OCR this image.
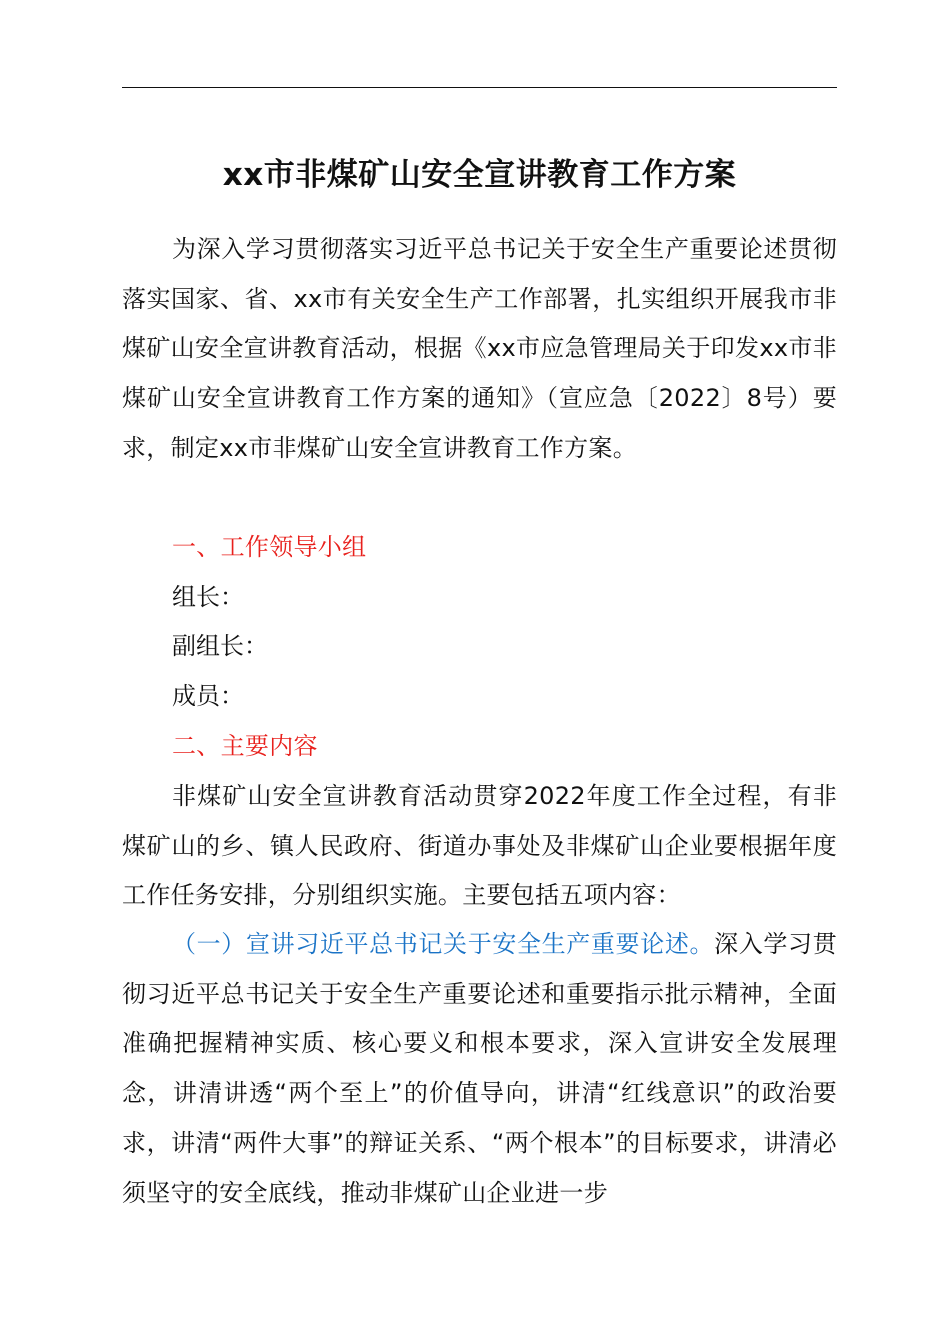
xx市非煤矿山安全宣讲教育工作方案
为深入学习贯彻落实习近平总书记关于安全生产重要论述贯彻落实国家、省、xx市有关安全生产工作部署，扎实组织开展我市非煤矿山安全宣讲教育活动，根据《xx市应急管理局关于印发xx市非煤矿山安全宣讲教育工作方案的通知》（宣应急〔2022〕8号）要求，制定xx市非煤矿山安全宣讲教育工作方案。
一、工作领导小组
组长：
副组长：
成员：
二、主要内容
非煤矿山安全宣讲教育活动贯穿2022年度工作全过程，有非煤矿山的乡、镇人民政府、街道办事处及非煤矿山企业要根据年度工作任务安排，分别组织实施。主要包括五项内容：
（一）宣讲习近平总书记关于安全生产重要论述。深入学习贯彻习近平总书记关于安全生产重要论述和重要指示批示精神，全面准确把握精神实质、核心要义和根本要求，深入宣讲安全发展理念，讲清讲透“两个至上”的价值导向，讲清“红线意识”的政治要求，讲清“两件大事”的辩证关系、“两个根本”的目标要求，讲清必须坚守的安全底线，推动非煤矿山企业进一步
